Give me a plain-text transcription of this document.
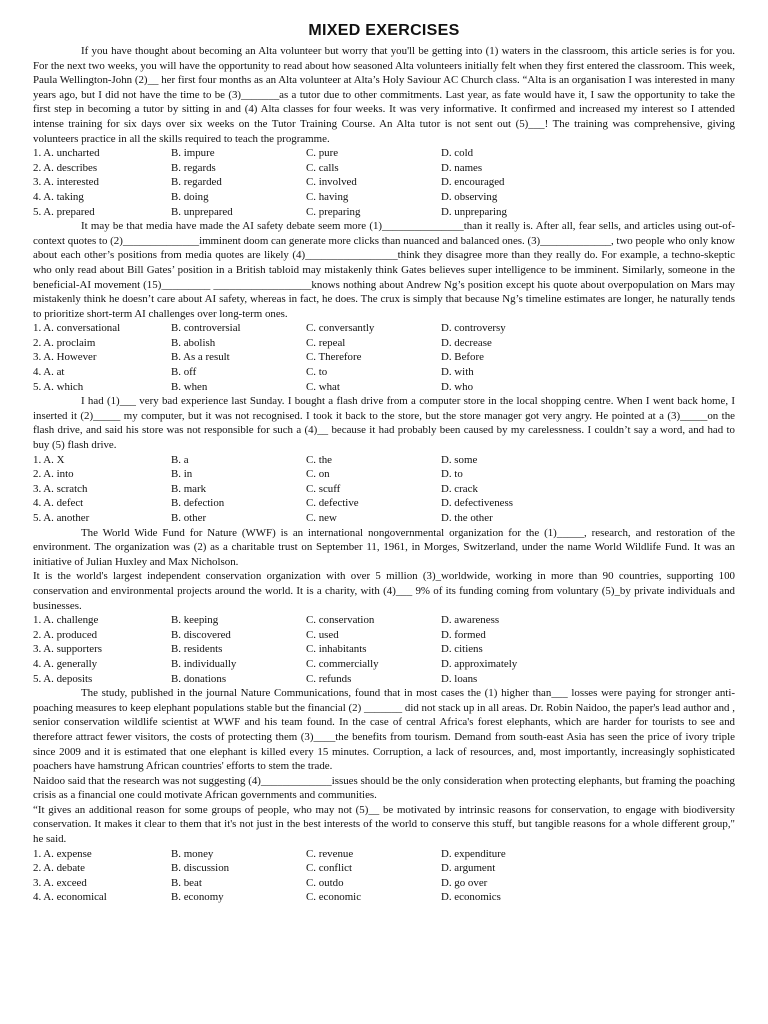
MIXED EXERCISES

If you have thought about becoming an Alta volunteer but worry that you'll be getting into (1) waters in the classroom, this article series is for you. For the next two weeks, you will have the opportunity to read about how seasoned Alta volunteers initially felt when they first entered the classroom. This week, Paula Wellington-John (2)__ her first four months as an Alta volunteer at Alta’s Holy Saviour AC Church class. “Alta is an organisation I was interested in many years ago, but I did not have the time to be (3)_______as a tutor due to other commitments. Last year, as fate would have it, I saw the opportunity to take the first step in becoming a tutor by sitting in and (4) Alta classes for four weeks. It was very informative. It confirmed and increased my interest so I attended intense training for six days over six weeks on the Tutor Training Course. An Alta tutor is not sent out (5)___! The training was comprehensive, giving volunteers practice in all the skills required to teach the programme.

1. A. uncharted	B. impure	C. pure	D. cold
2. A. describes	B. regards	C. calls	D. names
3. A. interested	B. regarded	C. involved	D. encouraged
4. A. taking	B. doing	C. having	D. observing
5. A. prepared	B. unprepared	C. preparing	D. unpreparing

It may be that media have made the AI safety debate seem more (1)_______________than it really is. After all, fear sells, and articles using out-of-context quotes to (2)______________imminent doom can generate more clicks than nuanced and balanced ones. (3)_____________, two people who only know about each other’s positions from media quotes are likely (4)_________________think they disagree more than they really do. For example, a techno-skeptic who only read about Bill Gates’ position in a British tabloid may mistakenly think Gates believes super intelligence to be imminent. Similarly, someone in the beneficial-AI movement (15)_________ __________________knows nothing about Andrew Ng’s position except his quote about overpopulation on Mars may mistakenly think he doesn’t care about AI safety, whereas in fact, he does. The crux is simply that because Ng’s timeline estimates are longer, he naturally tends to prioritize short-term AI challenges over long-term ones.

1. A. conversational	B. controversial	C. conversantly	D. controversy
2. A. proclaim	B. abolish	C. repeal	D. decrease
3. A. However	B. As a result	C. Therefore	D. Before
4. A. at	B. off	C. to	D. with
5. A. which	B. when	C. what	D. who

I had (1)___ very bad experience last Sunday. I bought a flash drive from a computer store in the local shopping centre. When I went back home, I inserted it (2)_____ my computer, but it was not recognised. I took it back to the store, but the store manager got very angry. He pointed at a (3)_____on the flash drive, and said his store was not responsible for such a (4)__ because it had probably been caused by my carelessness. I couldn’t say a word, and had to buy (5) flash drive.

1. A. X	B. a	C. the	D. some
2. A. into	B. in	C. on	D. to
3. A. scratch	B. mark	C. scuff	D. crack
4. A. defect	B. defection	C. defective	D. defectiveness
5. A. another	B. other	C. new	D. the other

The World Wide Fund for Nature (WWF) is an international nongovernmental organization for the (1)_____, research, and restoration of the environment. The organization was (2) as a charitable trust on September 11, 1961, in Morges, Switzerland, under the name World Wildlife Fund. It was an initiative of Julian Huxley and Max Nicholson.

It is the world's largest independent conservation organization with over 5 million (3)_worldwide, working in more than 90 countries, supporting 100 conservation and environmental projects around the world. It is a charity, with (4)___ 9% of its funding coming from voluntary (5)_by private individuals and businesses.

1. A. challenge	B. keeping	C. conservation	D. awareness
2. A. produced	B. discovered	C. used	D. formed
3. A. supporters	B. residents	C. inhabitants	D. citiens
4. A. generally	B. individually	C. commercially	D. approximately
5. A. deposits	B. donations	C. refunds	D. loans

The study, published in the journal Nature Communications, found that in most cases the (1) higher than___ losses were paying for stronger anti-poaching measures to keep elephant populations stable but the financial (2) _______ did not stack up in all areas. Dr. Robin Naidoo, the paper's lead author and , senior conservation wildlife scientist at WWF and his team found. In the case of central Africa's forest elephants, which are harder for tourists to see and therefore attract fewer visitors, the costs of protecting them (3)____the benefits from tourism. Demand from south-east Asia has seen the price of ivory triple since 2009 and it is estimated that one elephant is killed every 15 minutes. Corruption, a lack of resources, and, most importantly, increasingly sophisticated poachers have hamstrung African countries' efforts to stem the trade.

Naidoo said that the research was not suggesting (4)_____________issues should be the only consideration when protecting elephants, but framing the poaching crisis as a financial one could motivate African governments and communities.

“It gives an additional reason for some groups of people, who may not (5)__ be motivated by intrinsic reasons for conservation, to engage with biodiversity conservation. It makes it clear to them that it's not just in the best interests of the world to conserve this stuff, but tangible reasons for a whole different group," he said.

1. A. expense	B. money	C. revenue	D. expenditure
2. A. debate	B. discussion	C. conflict	D. argument
3. A. exceed	B. beat	C. outdo	D. go over
4. A. economical	B. economy	C. economic	D. economics
